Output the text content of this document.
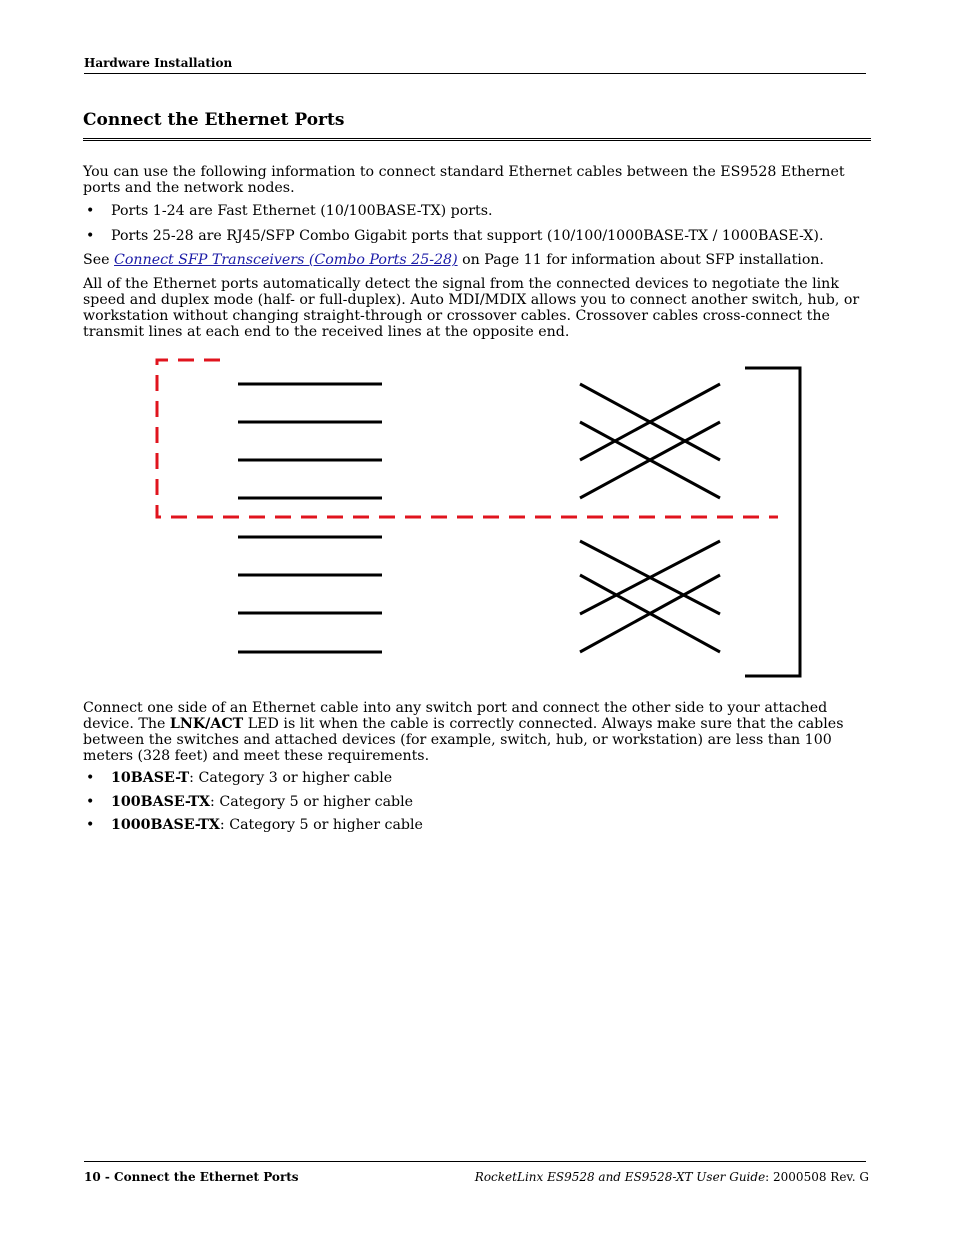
Hardware Installation
Connect the Ethernet Ports
You can use the following information to connect standard Ethernet cables between the ES9528 Ethernet ports and the network nodes.
• Ports 1-24 are Fast Ethernet (10/100BASE-TX) ports.
• Ports 25-28 are RJ45/SFP Combo Gigabit ports that support (10/100/1000BASE-TX / 1000BASE-X).
See Connect SFP Transceivers (Combo Ports 25-28) on Page 11 for information about SFP installation.
All of the Ethernet ports automatically detect the signal from the connected devices to negotiate the link speed and duplex mode (half- or full-duplex). Auto MDI/MDIX allows you to connect another switch, hub, or workstation without changing straight-through or crossover cables. Crossover cables cross-connect the transmit lines at each end to the received lines at the opposite end.
Connect one side of an Ethernet cable into any switch port and connect the other side to your attached device. The LNK/ACT LED is lit when the cable is correctly connected. Always make sure that the cables between the switches and attached devices (for example, switch, hub, or workstation) are less than 100 meters (328 feet) and meet these requirements.
• 10BASE-T: Category 3 or higher cable
• 100BASE-TX: Category 5 or higher cable
• 1000BASE-TX: Category 5 or higher cable
10 - Connect the Ethernet Ports	RocketLinx ES9528 and ES9528-XT User Guide: 2000508 Rev. G
